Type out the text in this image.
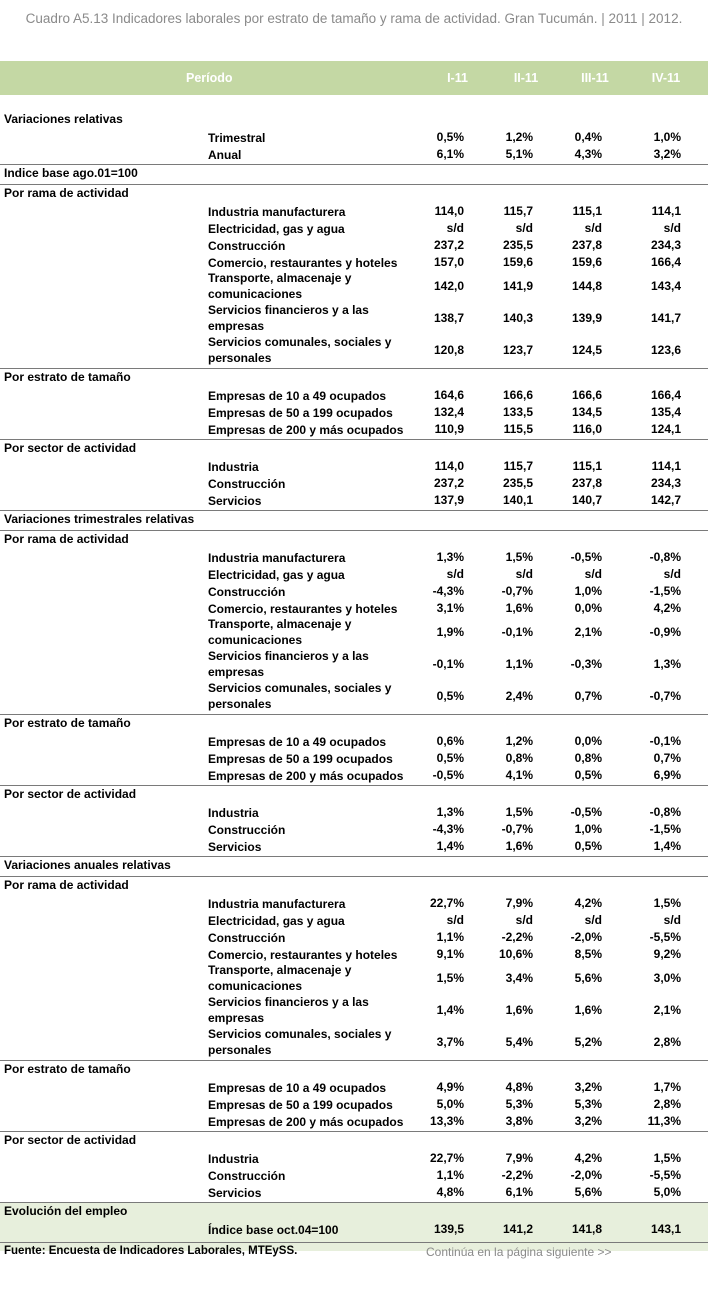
Cuadro A5.13 Indicadores laborales por estrato de tamaño y rama de actividad. Gran Tucumán. | 2011 | 2012.
Período	I-11	II-11	III-11	IV-11
Variaciones relativas
Trimestral	0,5%	1,2%	0,4%	1,0%
Anual	6,1%	5,1%	4,3%	3,2%
Indice base ago.01=100
Por rama de actividad
Industria manufacturera	114,0	115,7	115,1	114,1
Electricidad, gas y agua	s/d	s/d	s/d	s/d
Construcción	237,2	235,5	237,8	234,3
Comercio, restaurantes y hoteles	157,0	159,6	159,6	166,4
Transporte, almacenaje y comunicaciones
142,0	141,9	144,8	143,4
Servicios financieros y a las empresas
138,7	140,3	139,9	141,7
Servicios comunales, sociales y personales
120,8	123,7	124,5	123,6
Por estrato de tamaño
Empresas de 10 a 49 ocupados	164,6	166,6	166,6	166,4
Empresas de 50 a 199 ocupados	132,4	133,5	134,5	135,4
Empresas de 200 y más ocupados	110,9	115,5	116,0	124,1
Por sector de actividad
Industria	114,0	115,7	115,1	114,1
Construcción	237,2	235,5	237,8	234,3
Servicios	137,9	140,1	140,7	142,7
Variaciones trimestrales relativas
Por rama de actividad
Industria manufacturera	1,3%	1,5%	-0,5%	-0,8%
Electricidad, gas y agua	s/d	s/d	s/d	s/d
Construcción	-4,3%	-0,7%	1,0%	-1,5%
Comercio, restaurantes y hoteles	3,1%	1,6%	0,0%	4,2%
Transporte, almacenaje y comunicaciones
1,9%	-0,1%	2,1%	-0,9%
Servicios financieros y a las empresas
-0,1%	1,1%	-0,3%	1,3%
Servicios comunales, sociales y personales
0,5%	2,4%	0,7%	-0,7%
Por estrato de tamaño
Empresas de 10 a 49 ocupados	0,6%	1,2%	0,0%	-0,1%
Empresas de 50 a 199 ocupados	0,5%	0,8%	0,8%	0,7%
Empresas de 200 y más ocupados	-0,5%	4,1%	0,5%	6,9%
Por sector de actividad
Industria	1,3%	1,5%	-0,5%	-0,8%
Construcción	-4,3%	-0,7%	1,0%	-1,5%
Servicios	1,4%	1,6%	0,5%	1,4%
Variaciones anuales relativas
Por rama de actividad
Industria manufacturera	22,7%	7,9%	4,2%	1,5%
Electricidad, gas y agua	s/d	s/d	s/d	s/d
Construcción	1,1%	-2,2%	-2,0%	-5,5%
Comercio, restaurantes y hoteles	9,1%	10,6%	8,5%	9,2%
Transporte, almacenaje y comunicaciones
1,5%	3,4%	5,6%	3,0%
Servicios financieros y a las empresas
1,4%	1,6%	1,6%	2,1%
Servicios comunales, sociales y personales
3,7%	5,4%	5,2%	2,8%
Por estrato de tamaño
Empresas de 10 a 49 ocupados	4,9%	4,8%	3,2%	1,7%
Empresas de 50 a 199 ocupados	5,0%	5,3%	5,3%	2,8%
Empresas de 200 y más ocupados	13,3%	3,8%	3,2%	11,3%
Por sector de actividad
Industria	22,7%	7,9%	4,2%	1,5%
Construcción	1,1%	-2,2%	-2,0%	-5,5%
Servicios	4,8%	6,1%	5,6%	5,0%
Evolución del empleo
Índice base oct.04=100	139,5	141,2	141,8	143,1
Fuente: Encuesta de Indicadores Laborales, MTEySS.	Continúa en la página siguiente >>
